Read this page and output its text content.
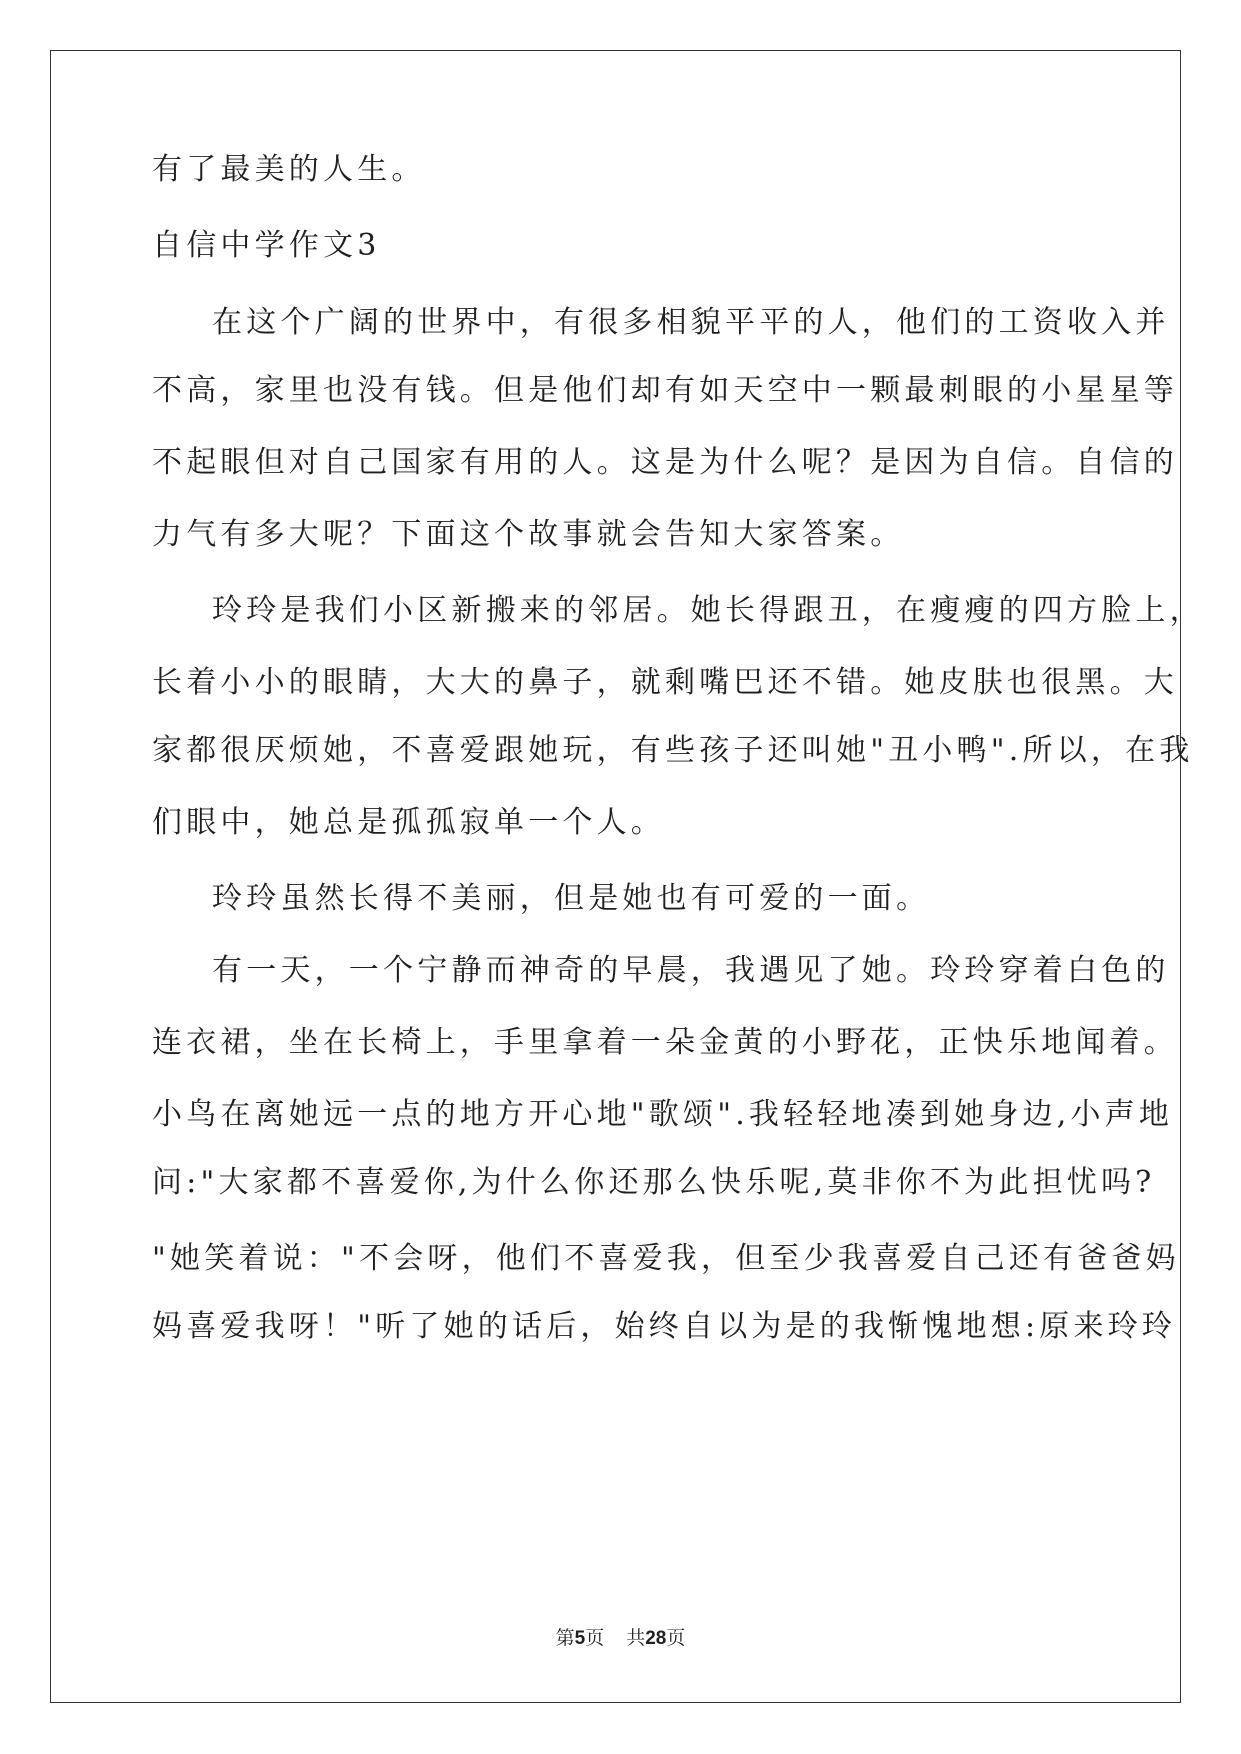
有了最美的人生。
自信中学作文3
在这个广阔的世界中，有很多相貌平平的人，他们的工资收入并
不高，家里也没有钱。但是他们却有如天空中一颗最刺眼的小星星等
不起眼但对自己国家有用的人。这是为什么呢？是因为自信。自信的
力气有多大呢？下面这个故事就会告知大家答案。
玲玲是我们小区新搬来的邻居。她长得跟丑，在瘦瘦的四方脸上，
长着小小的眼睛，大大的鼻子，就剩嘴巴还不错。她皮肤也很黑。大
家都很厌烦她，不喜爱跟她玩，有些孩子还叫她"丑小鸭".所以，在我
们眼中，她总是孤孤寂单一个人。
玲玲虽然长得不美丽，但是她也有可爱的一面。
有一天，一个宁静而神奇的早晨，我遇见了她。玲玲穿着白色的
连衣裙，坐在长椅上，手里拿着一朵金黄的小野花，正快乐地闻着。
小鸟在离她远一点的地方开心地"歌颂".我轻轻地凑到她身边,小声地
问:"大家都不喜爱你,为什么你还那么快乐呢,莫非你不为此担忧吗?
"她笑着说："不会呀，他们不喜爱我，但至少我喜爱自己还有爸爸妈
妈喜爱我呀！"听了她的话后，始终自以为是的我惭愧地想:原来玲玲
第5页 共28页
